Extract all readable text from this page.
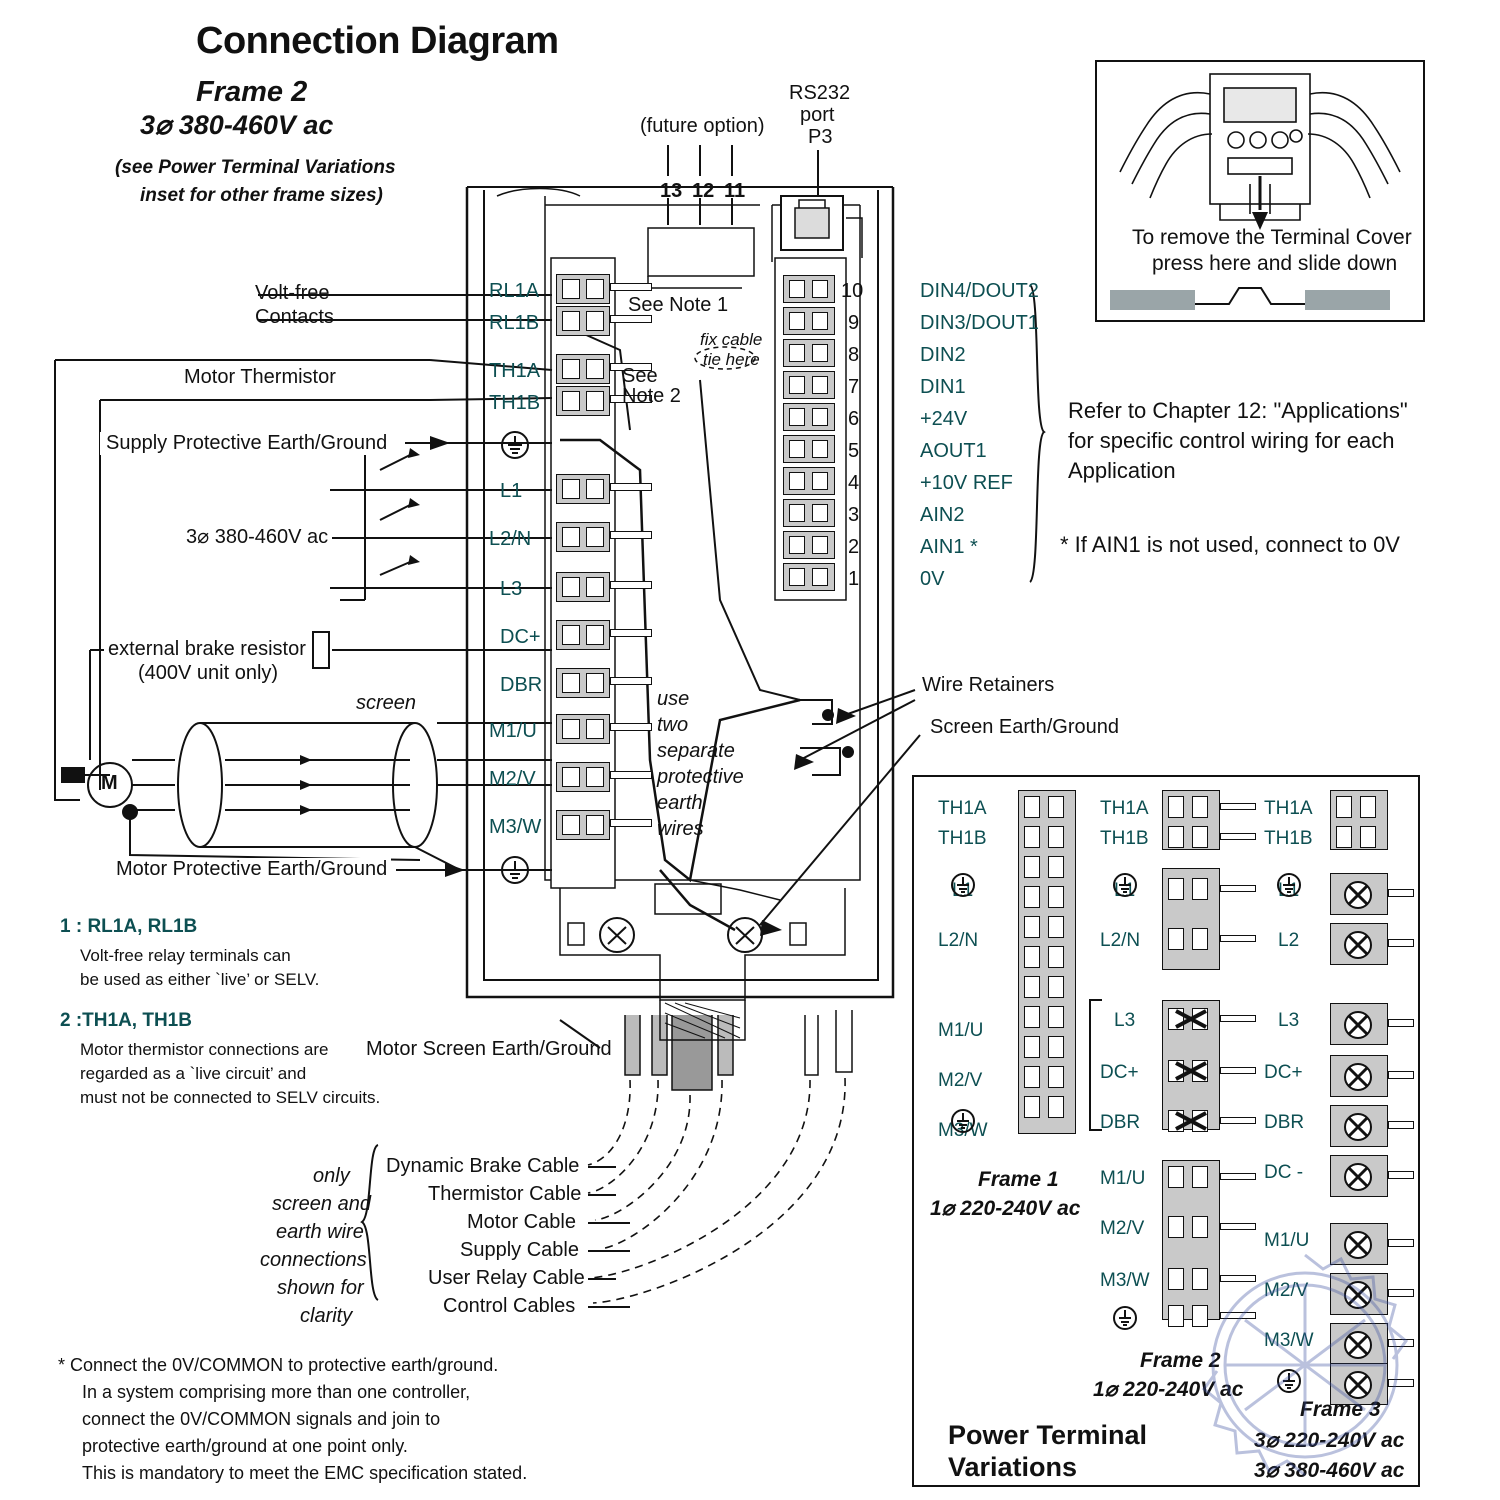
Connection Diagram
Frame 2
3⌀ 380-460V ac
(see Power Terminal Variations
inset for other frame sizes)
(future option)
RS232
port
P3
13 12 11
Volt-free
Contacts
Motor Thermistor
Supply Protective Earth/Ground
3⌀ 380-460V ac
external brake resistor
(400V unit only)
screen
M
Motor Protective Earth/Ground
RL1A
RL1B
TH1A
TH1B
L1
L2/N
L3
DC+
DBR
M1/U
M2/V
M3/W
See Note 1
fix cable
tie here
See
Note 2
use
two
separate
protective
earth
wires
10	DIN4/DOUT2
9	DIN3/DOUT1
8	DIN2
7	DIN1
6	+24V
5	AOUT1
4	+10V REF
3	AIN2
2	AIN1 *
1	0V
Refer to Chapter 12: "Applications"
for specific control wiring for each
Application
* If AIN1 is not used, connect to 0V
Wire Retainers
Screen Earth/Ground
To remove the Terminal Cover
press here and slide down
1 : RL1A, RL1B
Volt-free relay terminals can
be used as either `live’ or SELV.
2 :TH1A, TH1B
Motor thermistor connections are
regarded as a `live circuit’ and
must not be connected to SELV circuits.
Motor Screen Earth/Ground
only
screen and
earth wire
connections
shown for
clarity
Dynamic Brake Cable
Thermistor Cable
Motor Cable
Supply Cable
User Relay Cable
Control Cables
* Connect the 0V/COMMON to protective earth/ground.
In a system comprising more than one controller,
connect the 0V/COMMON signals and join to
protective earth/ground at one point only.
This is mandatory to meet the EMC specification stated.
Power Terminal
Variations
TH1A
TH1B
L1
L2/N
M1/U
M2/V
M3/W
TH1A
TH1B
L1
L2/N
L3
DC+
DBR
M1/U
M2/V
M3/W
TH1A
TH1B
L1
L2
L3
DC+
DBR
DC -
M1/U
M2/V
M3/W
Frame 1
1⌀ 220-240V ac
Frame 2
1⌀ 220-240V ac
Frame 3
3⌀ 220-240V ac
3⌀ 380-460V ac
